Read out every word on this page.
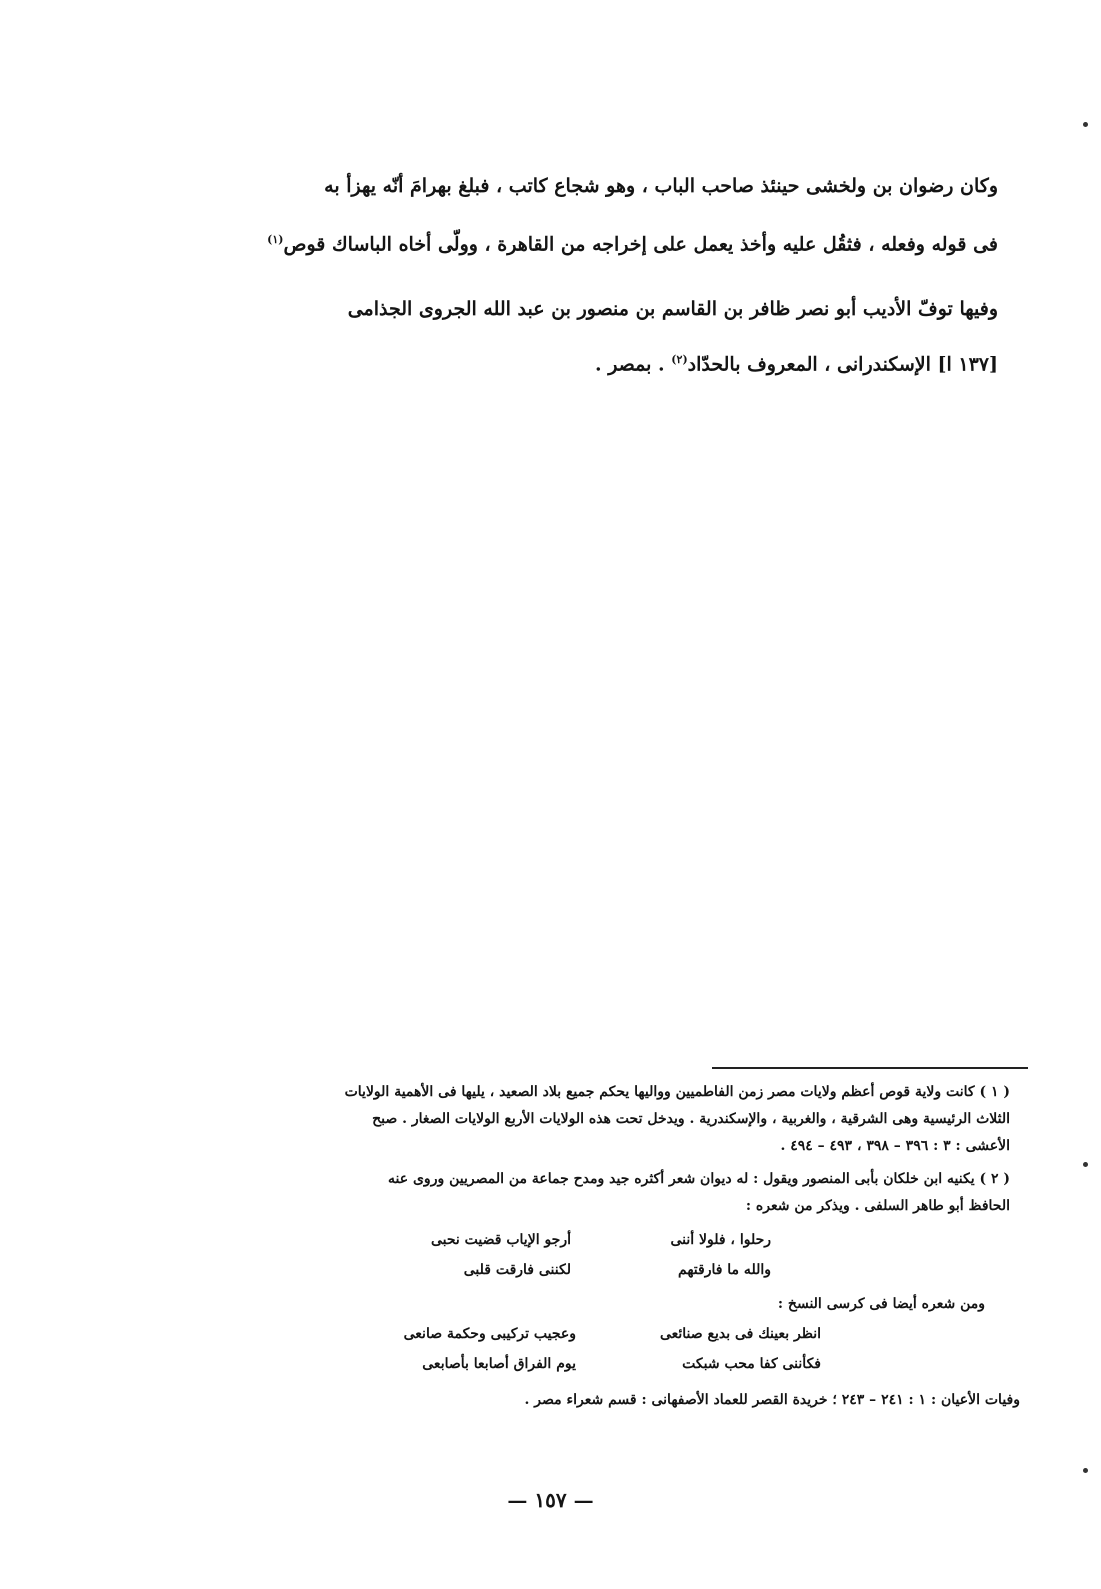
وكان رضوان بن ولخشى حينئذ صاحب الباب ، وهو شجاع كاتب ، فبلغ بهرامَ أنّه يهزأ به
فى قوله وفعله ، فثقُل عليه وأخذ يعمل على إخراجه من القاهرة ، وولّى أخاه الباساك قوص$^{(١)}$
وفيها توفّ الأديب أبو نصر ظافر بن القاسم بن منصور بن عبد الله الجروى الجذامى
[١٣٧ ا] الإسكندرانى ، المعروف بالحدّاد$^{(٢)}$ . بمصر .
( ١ ) كانت ولاية قوص أعظم ولايات مصر زمن الفاطميين وواليها يحكم جميع بلاد الصعيد ، يليها فى الأهمية الولايات
الثلاث الرئيسية وهى الشرقية ، والغربية ، والإسكندرية . ويدخل تحت هذه الولايات الأربع الولايات الصغار . صبح
الأعشى : ٣ : ٣٩٦ – ٣٩٨ ، ٤٩٣ – ٤٩٤ .
( ٢ ) يكنيه ابن خلكان بأبى المنصور ويقول : له ديوان شعر أكثره جيد ومدح جماعة من المصريين وروى عنه
الحافظ أبو طاهر السلفى . ويذكر من شعره :
رحلوا ، فلولا أننى
أرجو الإياب قضيت نحبى
والله ما فارقتهم
لكننى فارقت قلبى
ومن شعره أيضا فى كرسى النسخ :
انظر بعينك فى بديع صنائعى
وعجيب تركيبى وحكمة صانعى
فكأننى كفا محب شبكت
يوم الفراق أصابعا بأصابعى
وفيات الأعيان : ١ : ٢٤١ – ٢٤٣ ؛ خريدة القصر للعماد الأصفهانى : قسم شعراء مصر .
— ١٥٧ —
